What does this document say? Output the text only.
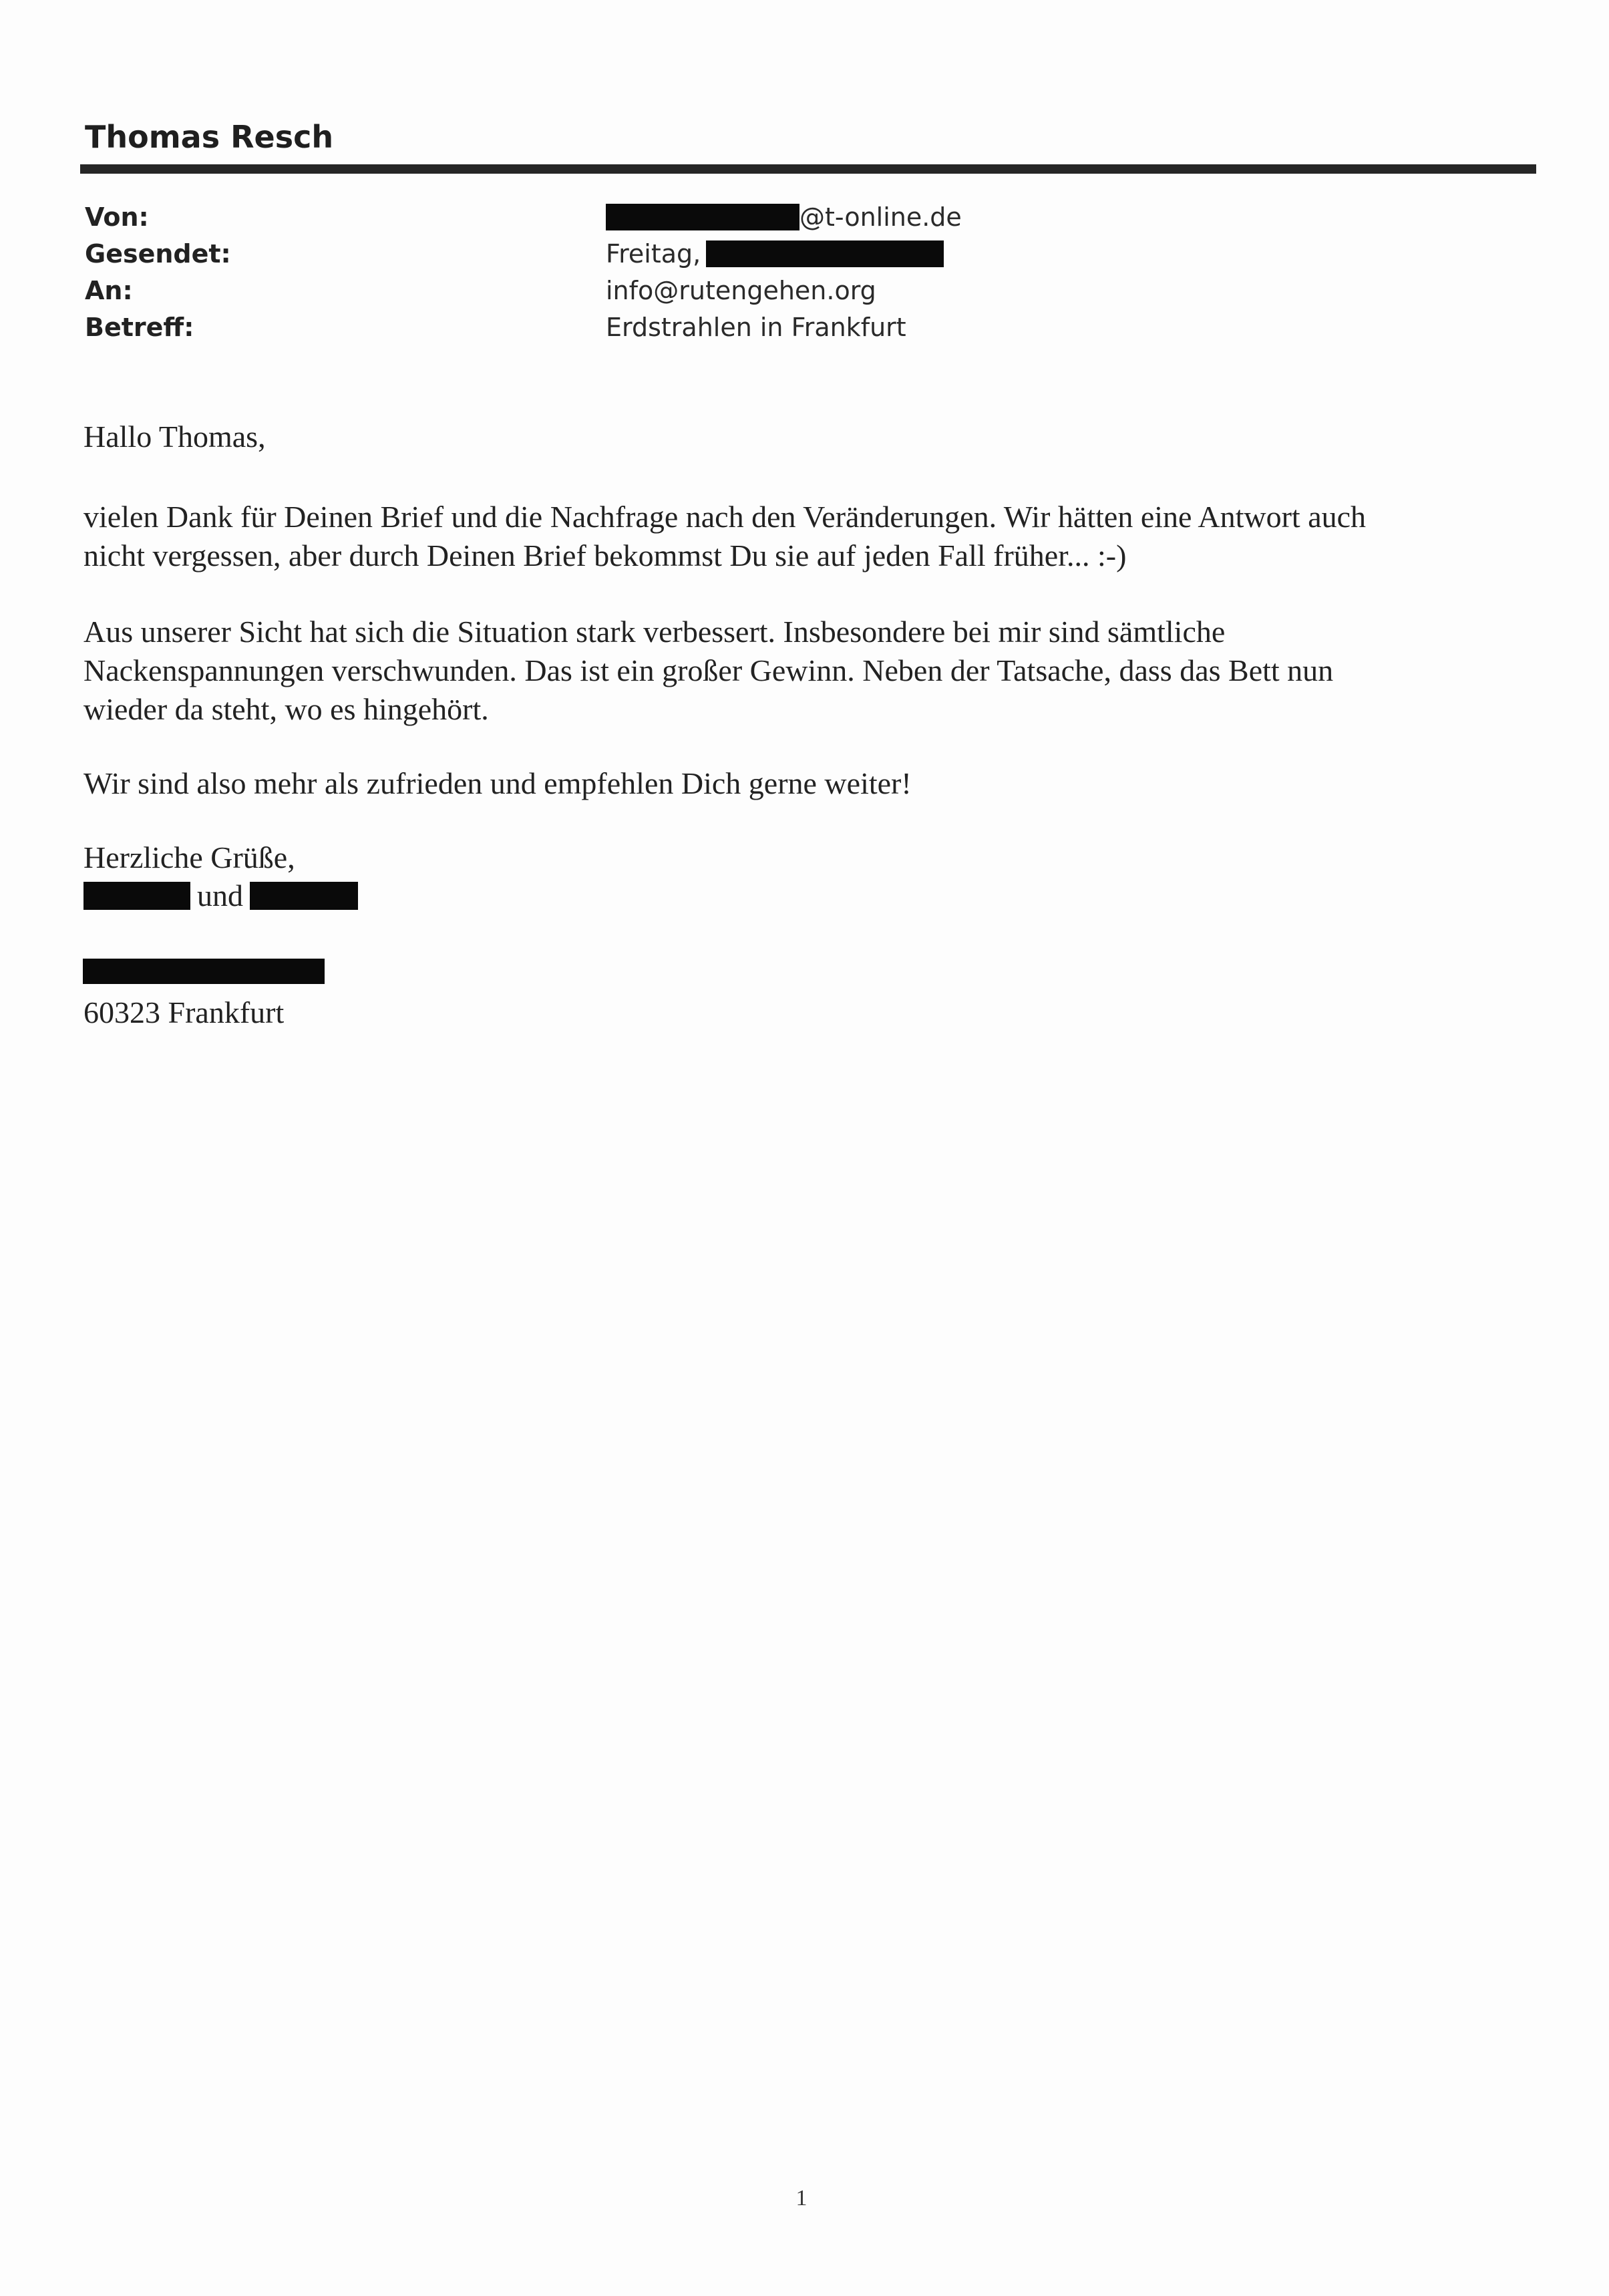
Thomas Resch
Von:
Gesendet:
An:
Betreff:
@t-online.de
Freitag,
info@rutengehen.org
Erdstrahlen in Frankfurt
Hallo Thomas,
vielen Dank für Deinen Brief und die Nachfrage nach den Veränderungen. Wir hätten eine Antwort auch
nicht vergessen, aber durch Deinen Brief bekommst Du sie auf jeden Fall früher... :-)
Aus unserer Sicht hat sich die Situation stark verbessert. Insbesondere bei mir sind sämtliche
Nackenspannungen verschwunden. Das ist ein großer Gewinn. Neben der Tatsache, dass das Bett nun
wieder da steht, wo es hingehört.
Wir sind also mehr als zufrieden und empfehlen Dich gerne weiter!
Herzliche Grüße,
und
60323 Frankfurt
1
